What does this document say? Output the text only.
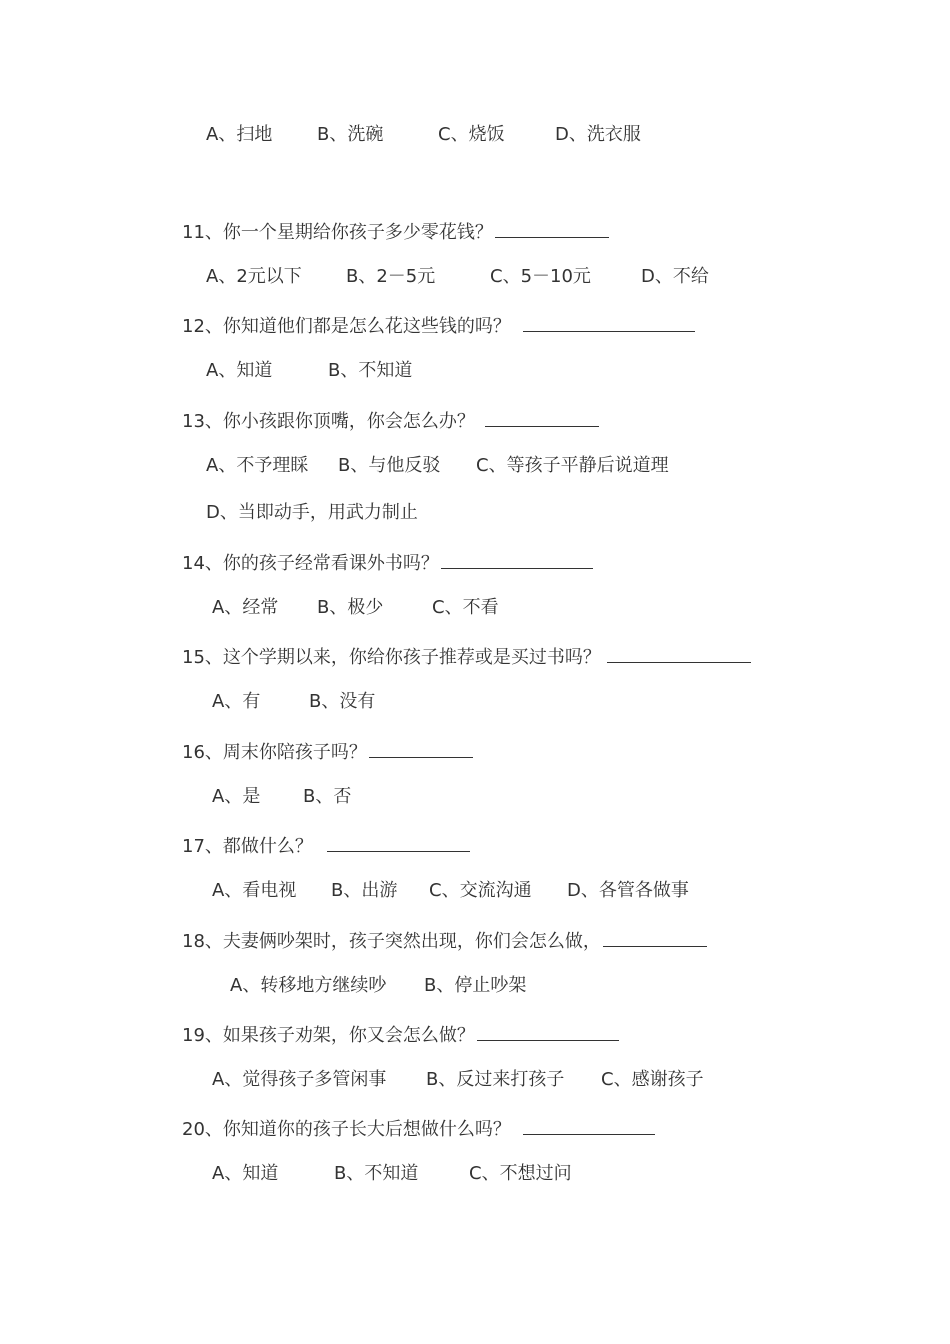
A、扫地 B、洗碗	C、烧饭	D、洗衣服
11、你一个星期给你孩子多少零花钱？
A、2元以下 B、2－5元	C、5－10元	D、不给
12、你知道他们都是怎么花这些钱的吗？
A、知道	B、不知道
13、你小孩跟你顶嘴，你会怎么办？
A、不予理睬 B、与他反驳 C、等孩子平静后说道理
D、当即动手，用武力制止
14、你的孩子经常看课外书吗？
A、经常 B、极少	C、不看
15、这个学期以来，你给你孩子推荐或是买过书吗？
A、有	B、没有
16、周末你陪孩子吗？
A、是 B、否
17、都做什么？
A、看电视 B、出游 C、交流沟通 D、各管各做事
18、夫妻俩吵架时，孩子突然出现，你们会怎么做，
A、转移地方继续吵 B、停止吵架
19、如果孩子劝架，你又会怎么做？
A、觉得孩子多管闲事 B、反过来打孩子 C、感谢孩子
20、你知道你的孩子长大后想做什么吗？
A、知道	B、不知道	C、不想过问
